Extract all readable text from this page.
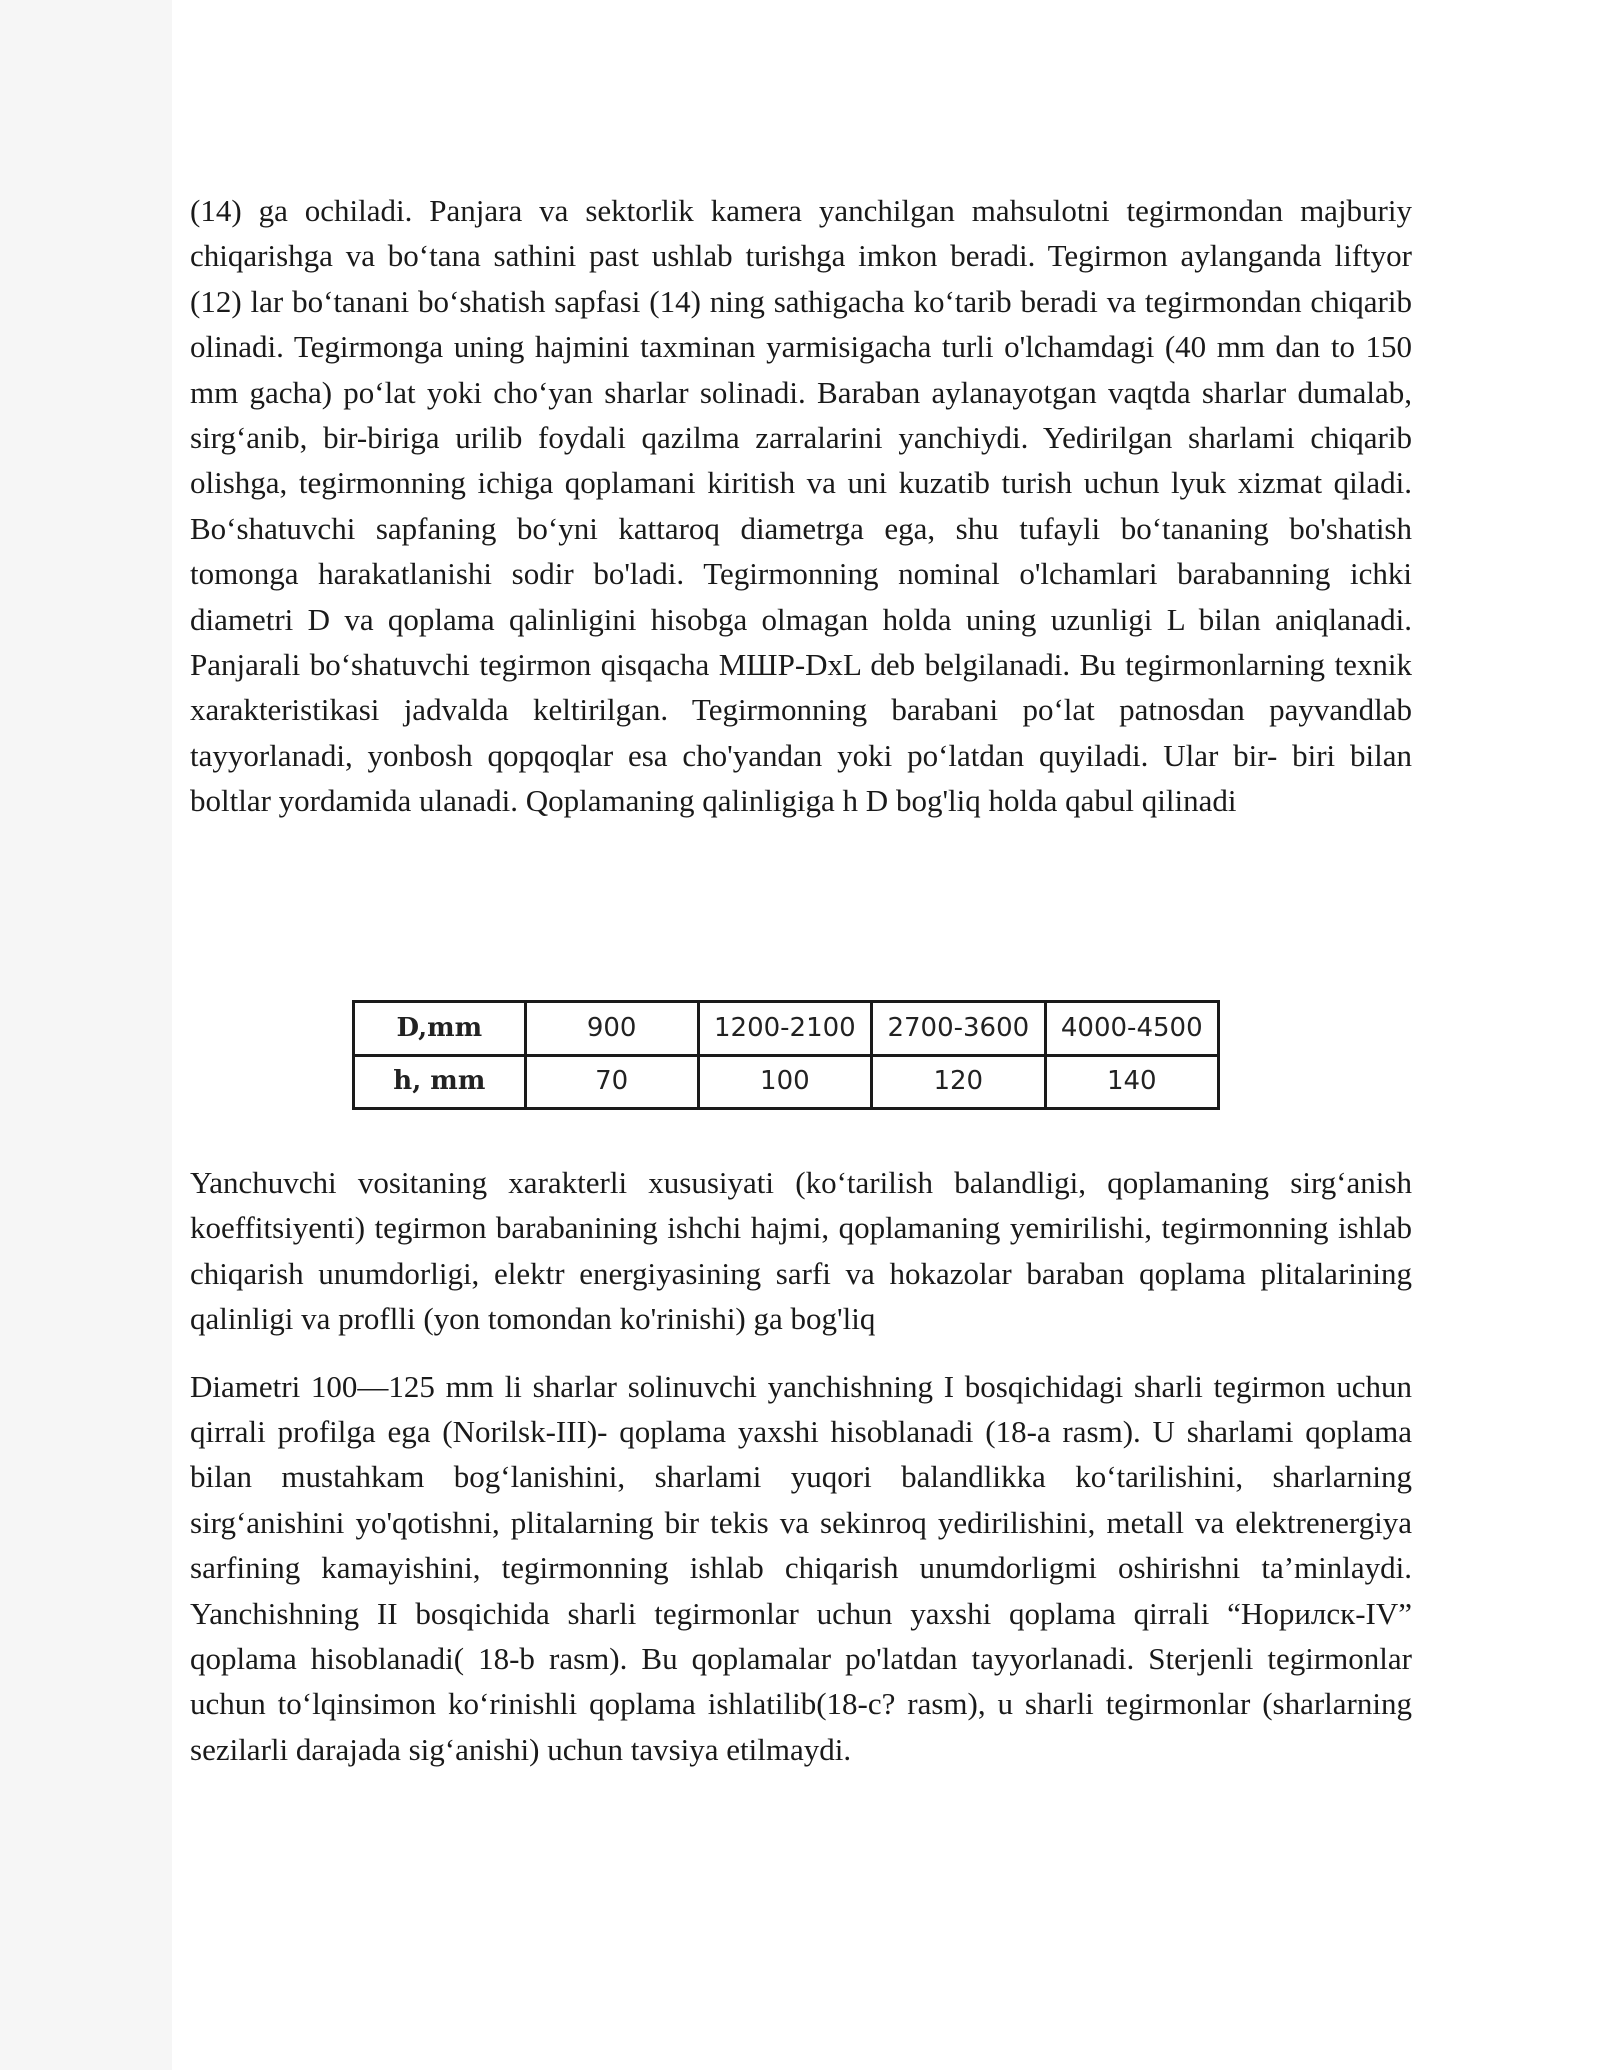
(14) ga ochiladi. Panjara va sektorlik kamera yanchilgan mahsulotni tegirmondan majburiy chiqarishga va bo‘tana sathini past ushlab turishga imkon beradi. Tegirmon aylanganda liftyor (12) lar bo‘tanani bo‘shatish sapfasi (14) ning sathigacha ko‘tarib beradi va tegirmondan chiqarib olinadi. Tegirmonga uning hajmini taxminan yarmisigacha turli o'lchamdagi (40 mm dan to 150 mm gacha) po‘lat yoki cho‘yan sharlar solinadi. Baraban aylanayotgan vaqtda sharlar dumalab, sirg‘anib, bir-biriga urilib foydali qazilma zarralarini yanchiydi. Yedirilgan sharlami chiqarib olishga, tegirmonning ichiga qoplamani kiritish va uni kuzatib turish uchun lyuk xizmat qiladi. Bo‘shatuvchi sapfaning bo‘yni kattaroq diametrga ega, shu tufayli bo‘tananing bo'shatish tomonga harakatlanishi sodir bo'ladi. Tegirmonning nominal o'lchamlari barabanning ichki diametri D va qoplama qalinligini hisobga olmagan holda uning uzunligi L bilan aniqlanadi. Panjarali bo‘shatuvchi tegirmon qisqacha МШР-DxL deb belgilanadi. Bu tegirmonlarning texnik xarakteristikasi jadvalda keltirilgan. Tegirmonning barabani po‘lat patnosdan payvandlab tayyorlanadi, yonbosh qopqoqlar esa cho'yandan yoki po‘latdan quyiladi. Ular bir- biri bilan boltlar yordamida ulanadi. Qoplamaning qalinligiga h D bog'liq holda qabul qilinadi

D,mm	900	1200-2100	2700-3600	4000-4500
h, mm	70	100	120	140

Yanchuvchi vositaning xarakterli xususiyati (ko‘tarilish balandligi, qoplamaning sirg‘anish koeffitsiyenti) tegirmon barabanining ishchi hajmi, qoplamaning yemirilishi, tegirmonning ishlab chiqarish unumdorligi, elektr energiyasining sarfi va hokazolar baraban qoplama plitalarining qalinligi va proflli (yon tomondan ko'rinishi) ga bog'liq

Diametri 100—125 mm li sharlar solinuvchi yanchishning I bosqichidagi sharli tegirmon uchun qirrali profilga ega (Norilsk-III)- qoplama yaxshi hisoblanadi (18-a rasm). U sharlami qoplama bilan mustahkam bog‘lanishini, sharlami yuqori balandlikka ko‘tarilishini, sharlarning sirg‘anishini yo'qotishni, plitalarning bir tekis va sekinroq yedirilishini, metall va elektrenergiya sarfining kamayishini, tegirmonning ishlab chiqarish unumdorligmi oshirishni ta’minlaydi. Yanchishning II bosqichida sharli tegirmonlar uchun yaxshi qoplama qirrali “Норилск-IV” qoplama hisoblanadi( 18-b rasm). Bu qoplamalar po'latdan tayyorlanadi. Sterjenli tegirmonlar uchun to‘lqinsimon ko‘rinishli qoplama ishlatilib(18-c? rasm), u sharli tegirmonlar (sharlarning sezilarli darajada sig‘anishi) uchun tavsiya etilmaydi.
